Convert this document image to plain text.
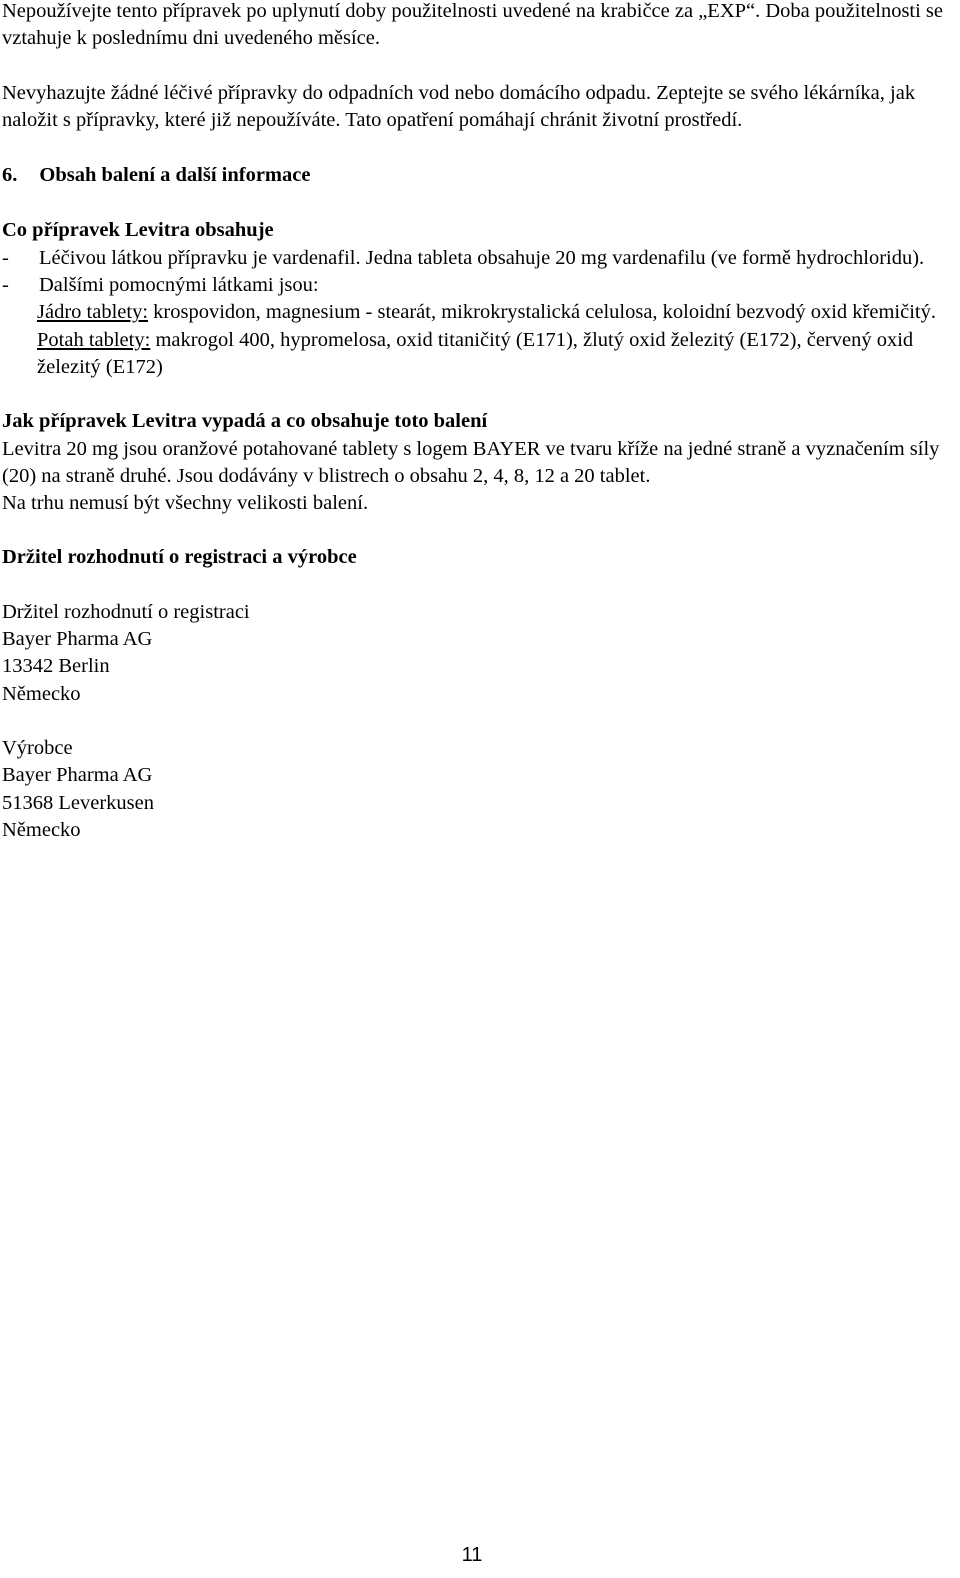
Nepoužívejte tento přípravek po uplynutí doby použitelnosti uvedené na krabičce za „EXP“. Doba použitelnosti se vztahuje k poslednímu dni uvedeného měsíce.

Nevyhazujte žádné léčivé přípravky do odpadních vod nebo domácího odpadu. Zeptejte se svého lékárníka, jak naložit s přípravky, které již nepoužíváte. Tato opatření pomáhají chránit životní prostředí.

6. Obsah balení a další informace

Co přípravek Levitra obsahuje

- Léčivou látkou přípravku je vardenafil. Jedna tableta obsahuje 20 mg vardenafilu (ve formě hydrochloridu).
- Dalšími pomocnými látkami jsou:

Jádro tablety: krospovidon, magnesium - stearát, mikrokrystalická celulosa, koloidní bezvodý oxid křemičitý.

Potah tablety: makrogol 400, hypromelosa, oxid titaničitý (E171), žlutý oxid železitý (E172), červený oxid železitý (E172)

Jak přípravek Levitra vypadá a co obsahuje toto balení

Levitra 20 mg jsou oranžové potahované tablety s logem BAYER ve tvaru kříže na jedné straně a vyznačením síly (20) na straně druhé. Jsou dodávány v blistrech o obsahu 2, 4, 8, 12 a 20 tablet.

Na trhu nemusí být všechny velikosti balení.

Držitel rozhodnutí o registraci a výrobce

Držitel rozhodnutí o registraci

Bayer Pharma AG

13342 Berlin

Německo

Výrobce

Bayer Pharma AG

51368 Leverkusen

Německo

11
